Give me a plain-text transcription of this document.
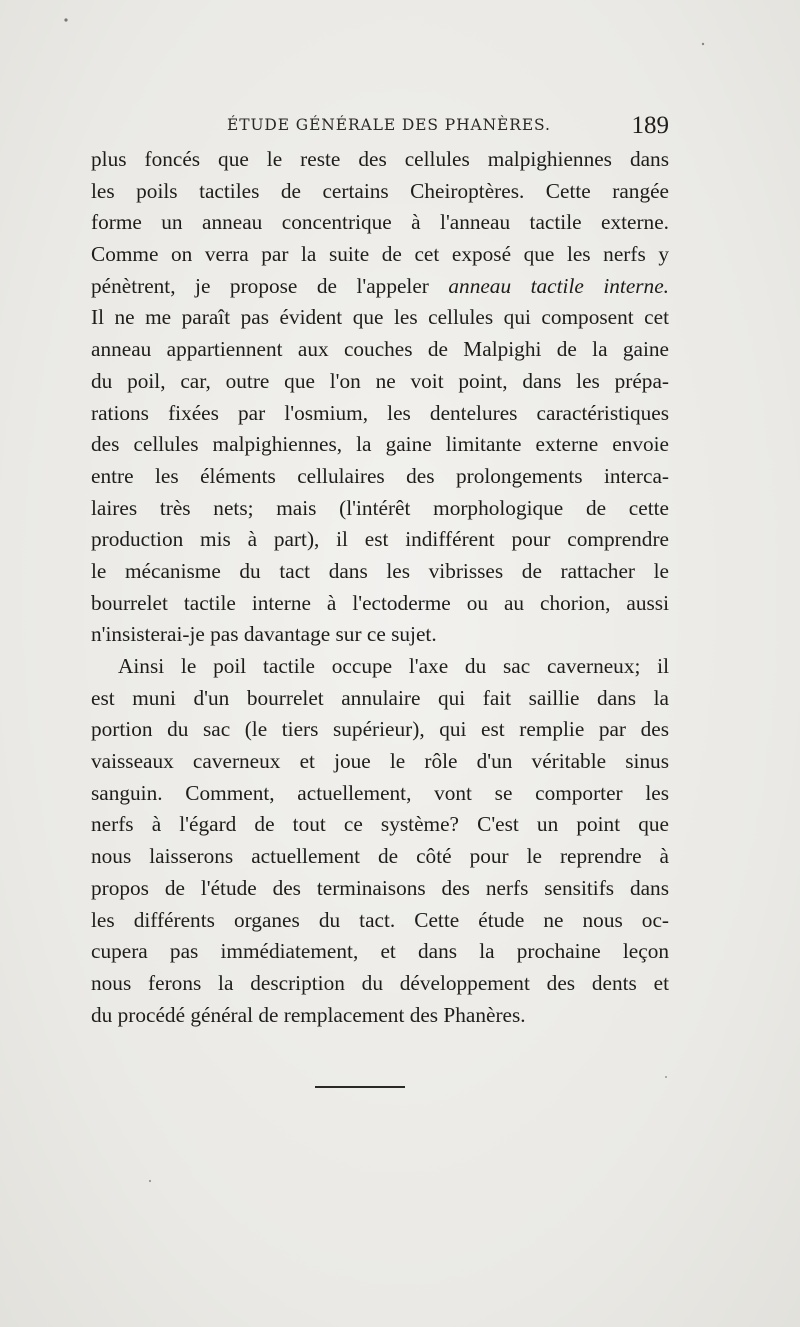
ÉTUDE GÉNÉRALE DES PHANÈRES.	189
plus foncés que le reste des cellules malpighiennes dans
les poils tactiles de certains Cheiroptères. Cette rangée
forme un anneau concentrique à l'anneau tactile externe.
Comme on verra par la suite de cet exposé que les nerfs y
pénètrent, je propose de l'appeler anneau tactile interne.
Il ne me paraît pas évident que les cellules qui composent cet
anneau appartiennent aux couches de Malpighi de la gaine
du poil, car, outre que l'on ne voit point, dans les prépa-
rations fixées par l'osmium, les dentelures caractéristiques
des cellules malpighiennes, la gaine limitante externe envoie
entre les éléments cellulaires des prolongements interca-
laires très nets; mais (l'intérêt morphologique de cette
production mis à part), il est indifférent pour comprendre
le mécanisme du tact dans les vibrisses de rattacher le
bourrelet tactile interne à l'ectoderme ou au chorion, aussi
n'insisterai-je pas davantage sur ce sujet.
Ainsi le poil tactile occupe l'axe du sac caverneux; il
est muni d'un bourrelet annulaire qui fait saillie dans la
portion du sac (le tiers supérieur), qui est remplie par des
vaisseaux caverneux et joue le rôle d'un véritable sinus
sanguin. Comment, actuellement, vont se comporter les
nerfs à l'égard de tout ce système? C'est un point que
nous laisserons actuellement de côté pour le reprendre à
propos de l'étude des terminaisons des nerfs sensitifs dans
les différents organes du tact. Cette étude ne nous oc-
cupera pas immédiatement, et dans la prochaine leçon
nous ferons la description du développement des dents et
du procédé général de remplacement des Phanères.
